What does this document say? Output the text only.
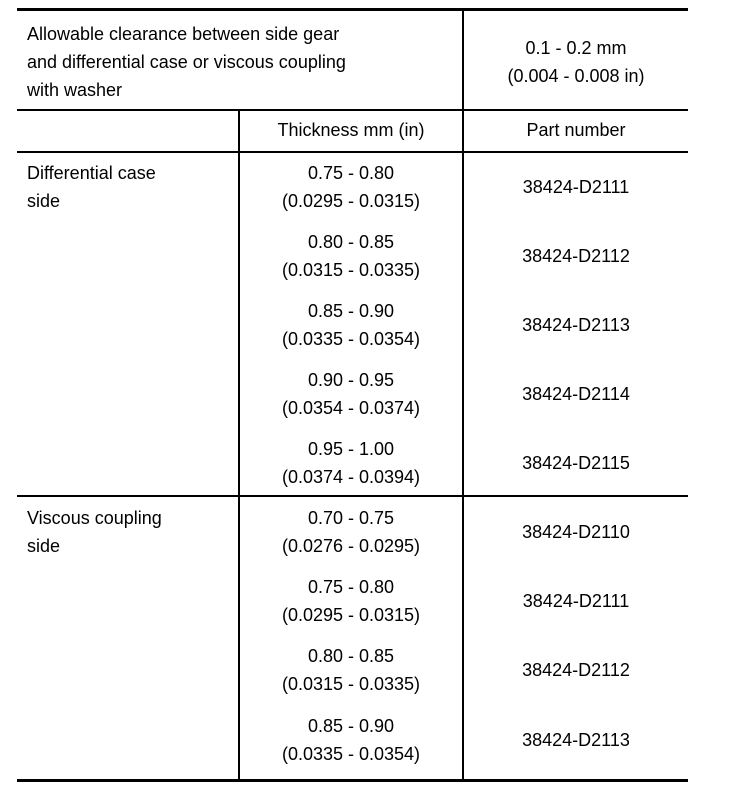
Allowable clearance between side gear
and differential case or viscous coupling
with washer
0.1 - 0.2 mm
(0.004 - 0.008 in)
Thickness mm (in)	Part number
Differential case
side
Viscous coupling
side
0.75 - 0.80
(0.0295 - 0.0315)
38424-D2111
0.80 - 0.85
(0.0315 - 0.0335)
38424-D2112
0.85 - 0.90
(0.0335 - 0.0354)
38424-D2113
0.90 - 0.95
(0.0354 - 0.0374)
38424-D2114
0.95 - 1.00
(0.0374 - 0.0394)
38424-D2115
0.70 - 0.75
(0.0276 - 0.0295)
38424-D2110
0.75 - 0.80
(0.0295 - 0.0315)
38424-D2111
0.80 - 0.85
(0.0315 - 0.0335)
38424-D2112
0.85 - 0.90
(0.0335 - 0.0354)
38424-D2113
